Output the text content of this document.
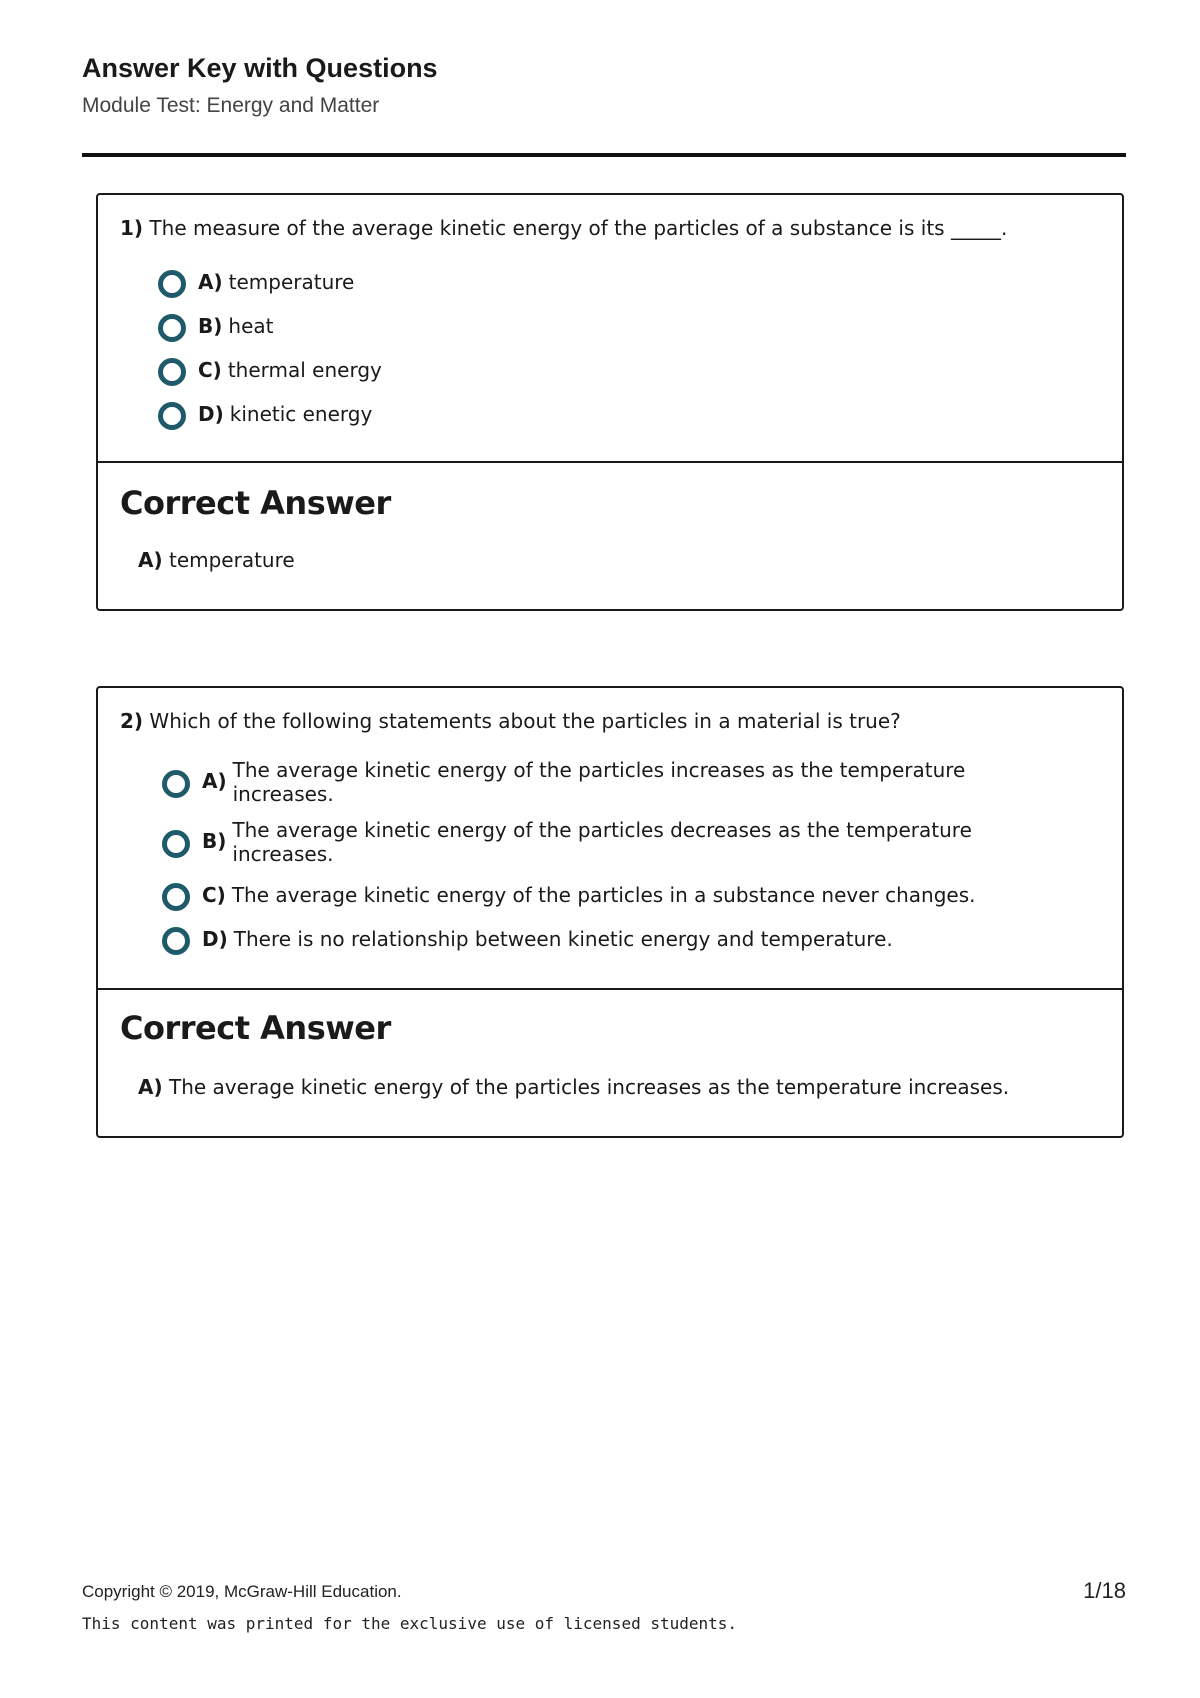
Answer Key with Questions
Module Test: Energy and Matter
1) The measure of the average kinetic energy of the particles of a substance is its _____.
A) temperature
B) heat
C) thermal energy
D) kinetic energy
Correct Answer
A) temperature
2) Which of the following statements about the particles in a material is true?
A) The average kinetic energy of the particles increases as the temperature increases.
B) The average kinetic energy of the particles decreases as the temperature increases.
C) The average kinetic energy of the particles in a substance never changes.
D) There is no relationship between kinetic energy and temperature.
Correct Answer
A) The average kinetic energy of the particles increases as the temperature increases.
Copyright © 2019, McGraw-Hill Education.	1/18
This content was printed for the exclusive use of licensed students.
